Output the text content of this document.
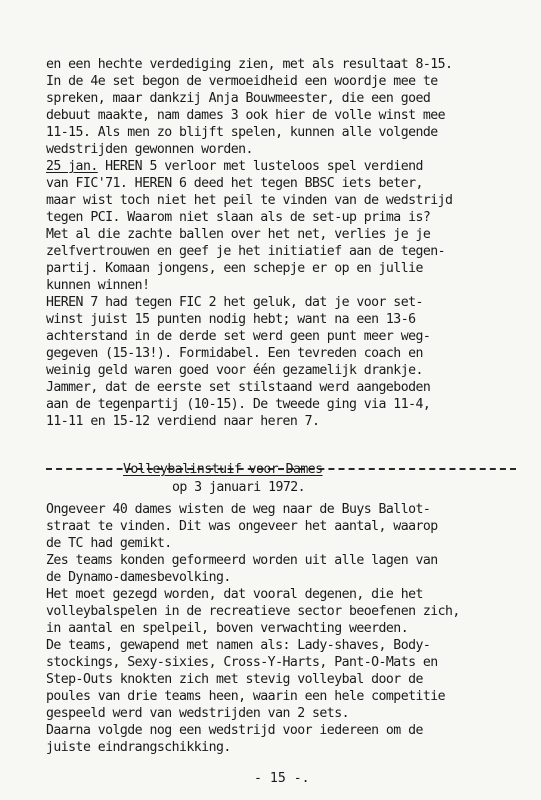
en een hechte verdediging zien, met als resultaat 8-15.
In de 4e set begon de vermoeidheid een woordje mee te
spreken, maar dankzij Anja Bouwmeester, die een goed
debuut maakte, nam dames 3 ook hier de volle winst mee
11-15. Als men zo blijft spelen, kunnen alle volgende
wedstrijden gewonnen worden.
25 jan. HEREN 5 verloor met lusteloos spel verdiend
van FIC'71. HEREN 6 deed het tegen BBSC iets beter,
maar wist toch niet het peil te vinden van de wedstrijd
tegen PCI. Waarom niet slaan als de set-up prima is?
Met al die zachte ballen over het net, verlies je je
zelfvertrouwen en geef je het initiatief aan de tegen-
partij. Komaan jongens, een schepje er op en jullie
kunnen winnen!
HEREN 7 had tegen FIC 2 het geluk, dat je voor set-
winst juist 15 punten nodig hebt; want na een 13-6
achterstand in de derde set werd geen punt meer weg-
gegeven (15-13!). Formidabel. Een tevreden coach en
weinig geld waren goed voor één gezamelijk drankje.
Jammer, dat de eerste set stilstaand werd aangeboden
aan de tegenpartij (10-15). De tweede ging via 11-4,
11-11 en 15-12 verdiend naar heren 7.
Volleybalinstuif voor Dames
op 3 januari 1972.
Ongeveer 40 dames wisten de weg naar de Buys Ballot-
straat te vinden. Dit was ongeveer het aantal, waarop
de TC had gemikt.
Zes teams konden geformeerd worden uit alle lagen van
de Dynamo-damesbevolking.
Het moet gezegd worden, dat vooral degenen, die het
volleybalspelen in de recreatieve sector beoefenen zich,
in aantal en spelpeil, boven verwachting weerden.
De teams, gewapend met namen als: Lady-shaves, Body-
stockings, Sexy-sixies, Cross-Y-Harts, Pant-O-Mats en
Step-Outs knokten zich met stevig volleybal door de
poules van drie teams heen, waarin een hele competitie
gespeeld werd van wedstrijden van 2 sets.
Daarna volgde nog een wedstrijd voor iedereen om de
juiste eindrangschikking.
- 15 -.
